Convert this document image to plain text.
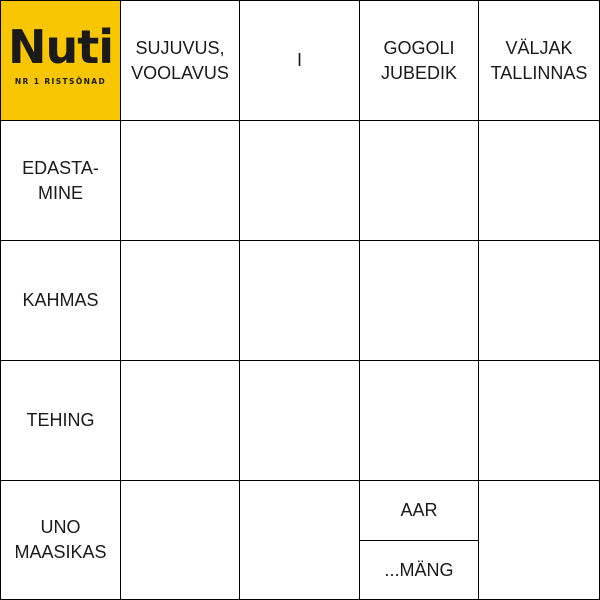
Nuti
NR 1 RISTSÕNAD
SUJUVUS,
VOOLAVUS
I
GOGOLI
JUBEDIK
VÄLJAK
TALLINNAS
EDASTA-
MINE
KAHMAS
TEHING
UNO
MAASIKAS
AAR
...MÄNG
